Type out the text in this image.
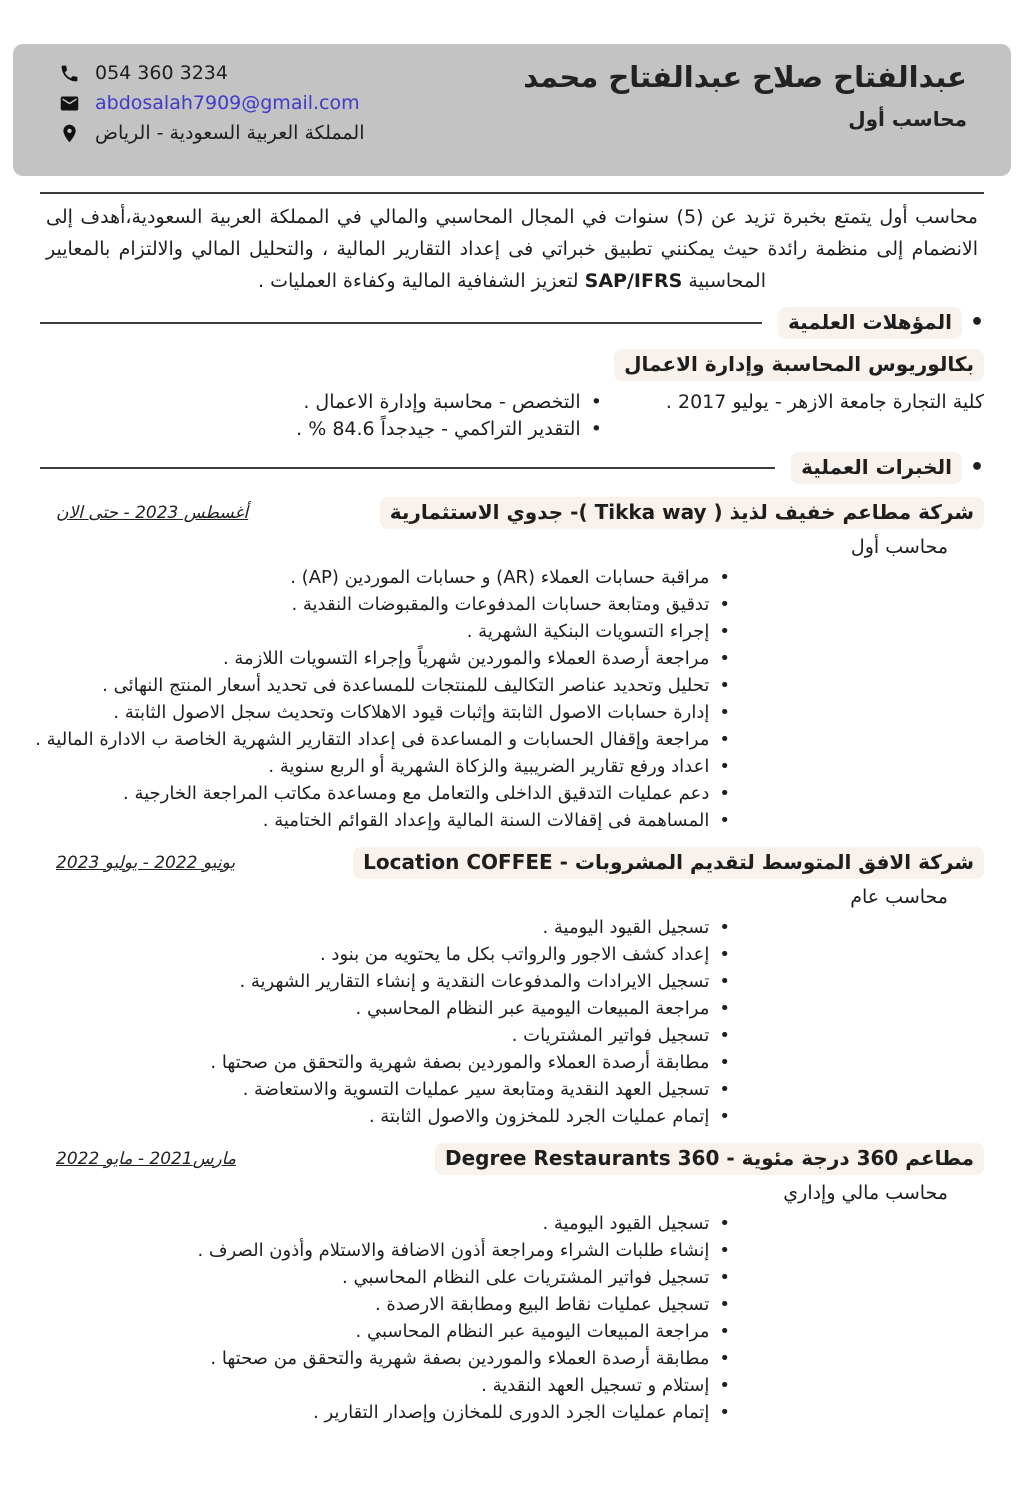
عبدالفتاح صلاح عبدالفتاح محمد
محاسب أول
054 360 3234
abdosalah7909@gmail.com
المملكة العربية السعودية - الرياض

محاسب أول يتمتع بخبرة تزيد عن (5) سنوات في المجال المحاسبي والمالي في المملكة العربية السعودية،أهدف إلى الانضمام إلى منظمة رائدة حيث يمكنني تطبيق خبراتي فى إعداد التقارير المالية ، والتحليل المالي والالتزام بالمعايير المحاسبية SAP/IFRS لتعزيز الشفافية المالية وكفاءة العمليات .

•
المؤهلات العلمية
بكالوريوس المحاسبة وإدارة الاعمال
كلية التجارة جامعة الازهر - يوليو 2017 .
• التخصص - محاسبة وإدارة الاعمال .
• التقدير التراكمي - جيدجداً 84.6 % .
•
الخبرات العملية
شركة مطاعم خفيف لذيذ ( Tikka way )- جدوي الاستثمارية
أغسطس 2023 - حتى الان
محاسب أول
• مراقبة حسابات العملاء (AR) و حسابات الموردين (AP) .
• تدقيق ومتابعة حسابات المدفوعات والمقبوضات النقدية .
• إجراء التسويات البنكية الشهرية .
• مراجعة أرصدة العملاء والموردين شهرياً وإجراء التسويات اللازمة .
• تحليل وتحديد عناصر التكاليف للمنتجات للمساعدة فى تحديد أسعار المنتج النهائى .
• إدارة حسابات الاصول الثابتة وإثبات قيود الاهلاكات وتحديث سجل الاصول الثابتة .
• مراجعة وإقفال الحسابات و المساعدة فى إعداد التقارير الشهرية الخاصة ب الادارة المالية .
• اعداد ورفع تقارير الضريبية والزكاة الشهرية أو الربع سنوية .
• دعم عمليات التدقيق الداخلى والتعامل مع ومساعدة مكاتب المراجعة الخارجية .
• المساهمة فى إقفالات السنة المالية وإعداد القوائم الختامية .
شركة الافق المتوسط لتقديم المشروبات - Location COFFEE
يونيو 2022 - يوليو 2023
محاسب عام
• تسجيل القيود اليومية .
• إعداد كشف الاجور والرواتب بكل ما يحتويه من بنود .
• تسجيل الايرادات والمدفوعات النقدية و إنشاء التقارير الشهرية .
• مراجعة المبيعات اليومية عبر النظام المحاسبي .
• تسجيل فواتير المشتريات .
• مطابقة أرصدة العملاء والموردين بصفة شهرية والتحقق من صحتها .
• تسجيل العهد النقدية ومتابعة سير عمليات التسوية والاستعاضة .
• إتمام عمليات الجرد للمخزون والاصول الثابتة .
مطاعم 360 درجة مئوية - Degree Restaurants 360
مارس2021 - مايو 2022
محاسب مالي وإداري
• تسجيل القيود اليومية .
• إنشاء طلبات الشراء ومراجعة أذون الاضافة والاستلام وأذون الصرف .
• تسجيل فواتير المشتريات على النظام المحاسبي .
• تسجيل عمليات نقاط البيع ومطابقة الارصدة .
• مراجعة المبيعات اليومية عبر النظام المحاسبي .
• مطابقة أرصدة العملاء والموردين بصفة شهرية والتحقق من صحتها .
• إستلام و تسجيل العهد النقدية .
• إتمام عمليات الجرد الدورى للمخازن وإصدار التقارير .
